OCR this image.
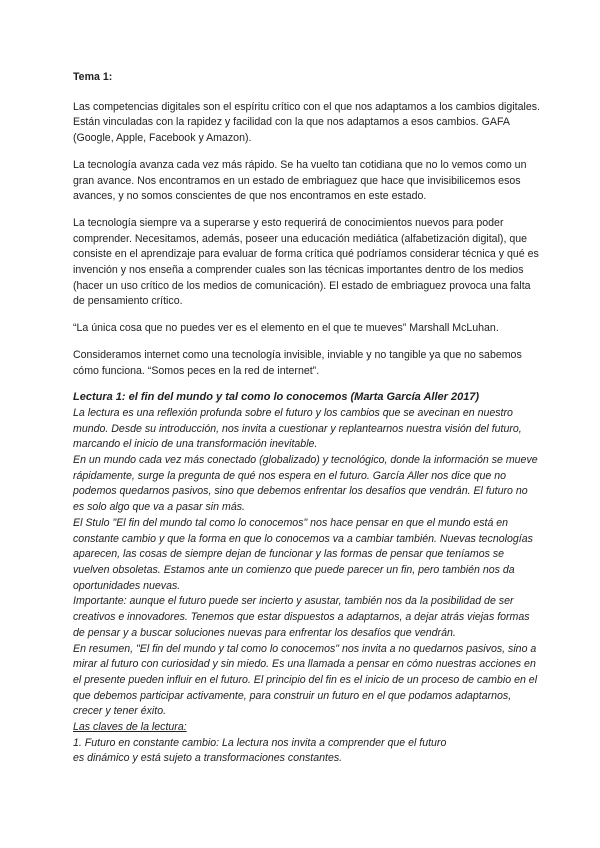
Tema 1:

Las competencias digitales son el espíritu crítico con el que nos adaptamos a los cambios digitales. Están vinculadas con la rapidez y facilidad con la que nos adaptamos a esos cambios. GAFA (Google, Apple, Facebook y Amazon).

La tecnología avanza cada vez más rápido. Se ha vuelto tan cotidiana que no lo vemos como un gran avance. Nos encontramos en un estado de embriaguez que hace que invisibilicemos esos avances, y no somos conscientes de que nos encontramos en este estado.

La tecnología siempre va a superarse y esto requerirá de conocimientos nuevos para poder comprender. Necesitamos, además, poseer una educación mediática (alfabetización digital), que consiste en el aprendizaje para evaluar de forma crítica qué podríamos considerar técnica y qué es invención y nos enseña a comprender cuales son las técnicas importantes dentro de los medios (hacer un uso crítico de los medios de comunicación). El estado de embriaguez provoca una falta de pensamiento crítico.

“La única cosa que no puedes ver es el elemento en el que te mueves” Marshall McLuhan.

Consideramos internet como una tecnología invisible, inviable y no tangible ya que no sabemos cómo funciona. “Somos peces en la red de internet”.

Lectura 1: el fin del mundo y tal como lo conocemos (Marta García Aller 2017)

La lectura es una reflexión profunda sobre el futuro y los cambios que se avecinan en nuestro mundo. Desde su introducción, nos invita a cuestionar y replantearnos nuestra visión del futuro, marcando el inicio de una transformación inevitable.

En un mundo cada vez más conectado (globalizado) y tecnológico, donde la información se mueve rápidamente, surge la pregunta de qué nos espera en el futuro. García Aller nos dice que no podemos quedarnos pasivos, sino que debemos enfrentar los desafíos que vendrán. El futuro no es solo algo que va a pasar sin más.

El Stulo "El fin del mundo tal como lo conocemos" nos hace pensar en que el mundo está en constante cambio y que la forma en que lo conocemos va a cambiar también. Nuevas tecnologías aparecen, las cosas de siempre dejan de funcionar y las formas de pensar que teníamos se vuelven obsoletas. Estamos ante un comienzo que puede parecer un fin, pero también nos da oportunidades nuevas.

Importante: aunque el futuro puede ser incierto y asustar, también nos da la posibilidad de ser creativos e innovadores. Tenemos que estar dispuestos a adaptarnos, a dejar atrás viejas formas de pensar y a buscar soluciones nuevas para enfrentar los desafíos que vendrán.

En resumen, "El fin del mundo y tal como lo conocemos" nos invita a no quedarnos pasivos, sino a mirar al futuro con curiosidad y sin miedo. Es una llamada a pensar en cómo nuestras acciones en el presente pueden influir en el futuro. El principio del fin es el inicio de un proceso de cambio en el que debemos participar activamente, para construir un futuro en el que podamos adaptarnos, crecer y tener éxito.

Las claves de la lectura:

1. Futuro en constante cambio: La lectura nos invita a comprender que el futuro

es dinámico y está sujeto a transformaciones constantes.
